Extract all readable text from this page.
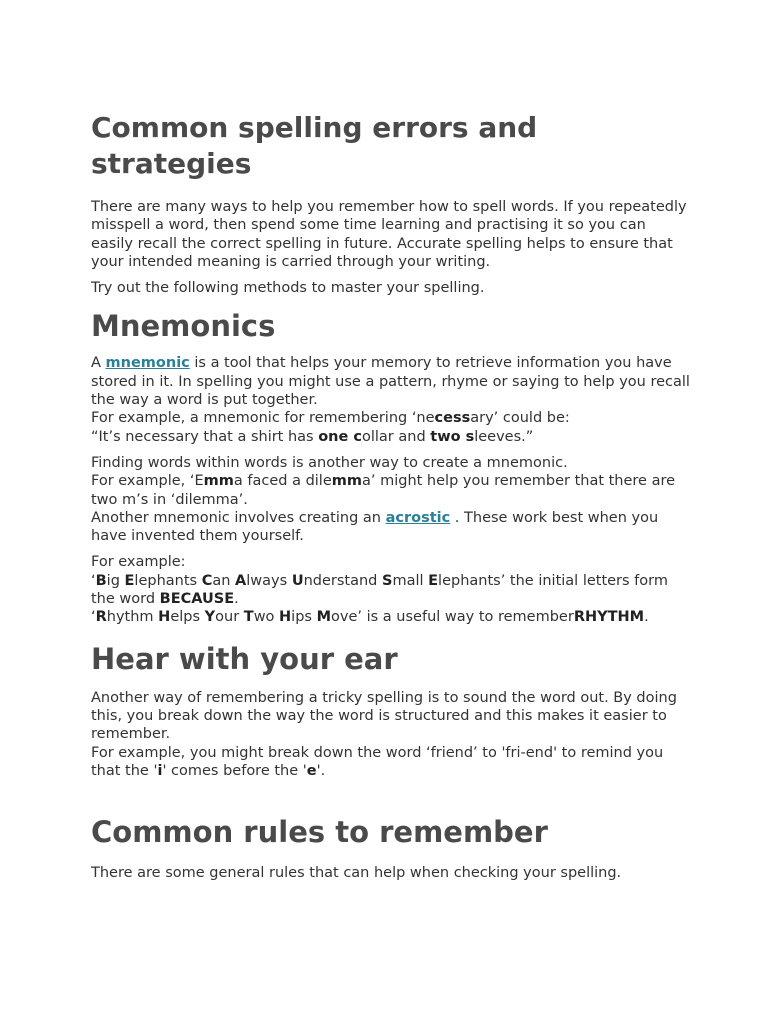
Common spelling errors and strategies

There are many ways to help you remember how to spell words. If you repeatedly misspell a word, then spend some time learning and practising it so you can easily recall the correct spelling in future. Accurate spelling helps to ensure that your intended meaning is carried through your writing.

Try out the following methods to master your spelling.

Mnemonics

A mnemonic is a tool that helps your memory to retrieve information you have stored in it. In spelling you might use a pattern, rhyme or saying to help you recall the way a word is put together.
For example, a mnemonic for remembering ‘necessary’ could be:
“It’s necessary that a shirt has one collar and two sleeves.”

Finding words within words is another way to create a mnemonic.
For example, ‘Emma faced a dilemma’ might help you remember that there are two m’s in ‘dilemma’.
Another mnemonic involves creating an acrostic . These work best when you have invented them yourself.

For example:
‘Big Elephants Can Always Understand Small Elephants’ the initial letters form the word BECAUSE.
‘Rhythm Helps Your Two Hips Move’ is a useful way to rememberRHYTHM.

Hear with your ear

Another way of remembering a tricky spelling is to sound the word out. By doing this, you break down the way the word is structured and this makes it easier to remember.
For example, you might break down the word ‘friend’ to 'fri-end' to remind you that the 'i' comes before the 'e'.

Common rules to remember

There are some general rules that can help when checking your spelling.
